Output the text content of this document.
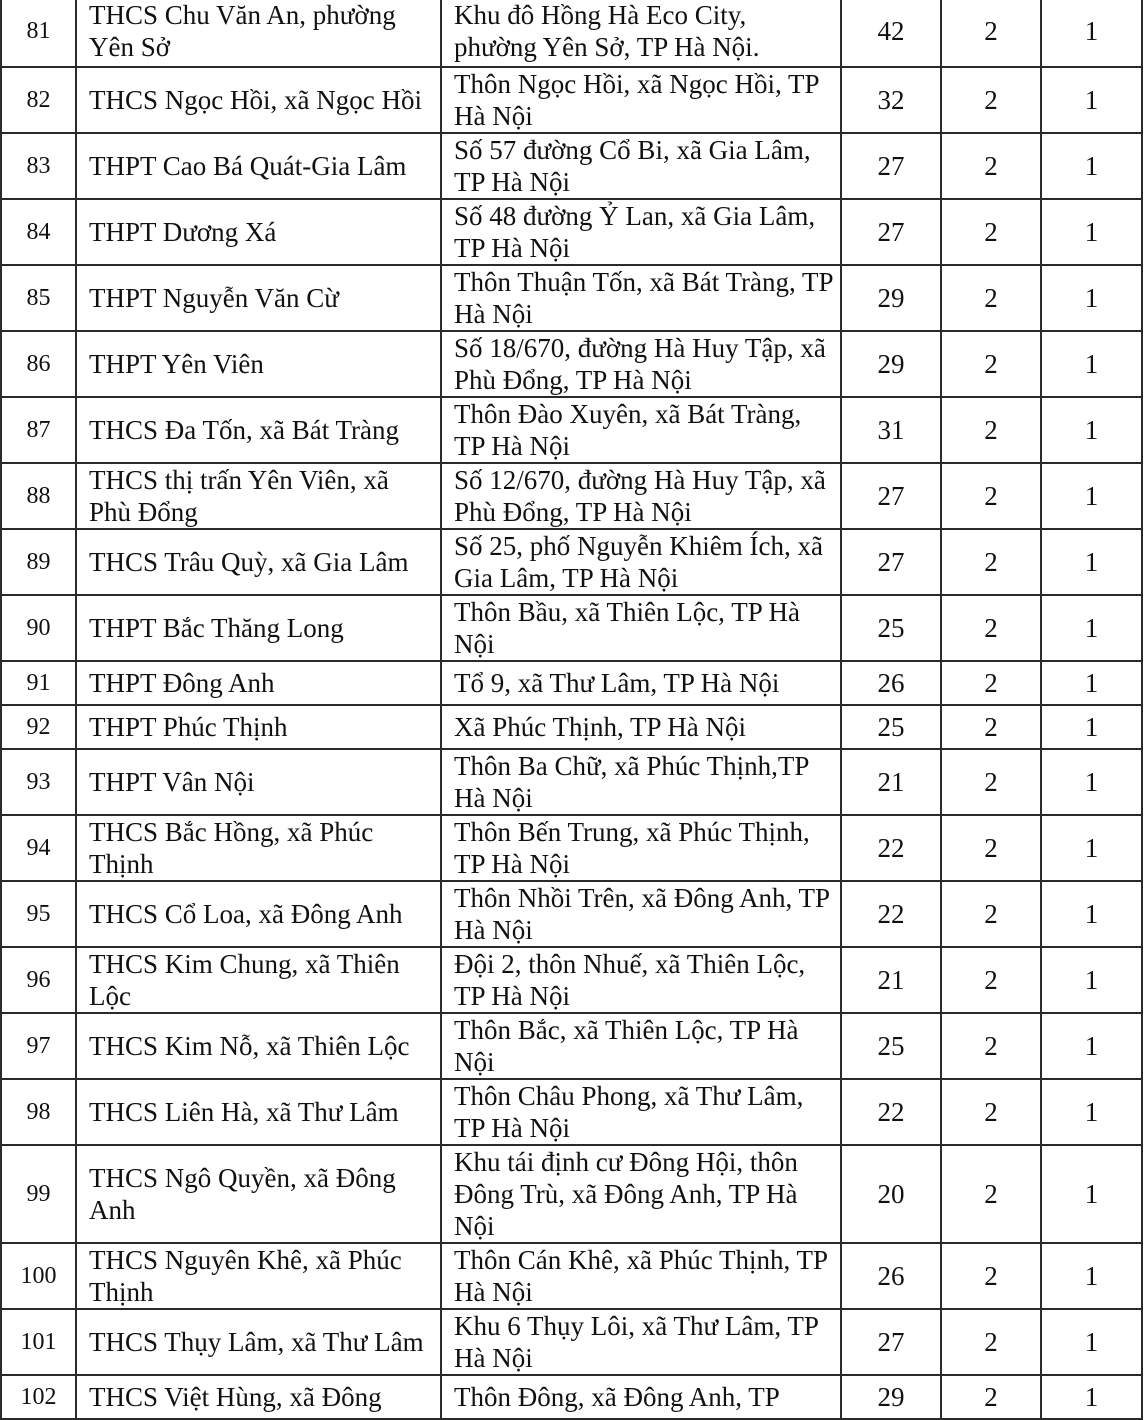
81	THCS Chu Văn An, phường Yên Sở	Khu đô Hồng Hà Eco City, phường Yên Sở, TP Hà Nội.	42	2	1
82	THCS Ngọc Hồi, xã Ngọc Hồi	Thôn Ngọc Hồi, xã Ngọc Hồi, TP Hà Nội	32	2	1
83	THPT Cao Bá Quát-Gia Lâm	Số 57 đường Cổ Bi, xã Gia Lâm, TP Hà Nội	27	2	1
84	THPT Dương Xá	Số 48 đường Ỷ Lan, xã Gia Lâm, TP Hà Nội	27	2	1
85	THPT Nguyễn Văn Cừ	Thôn Thuận Tốn, xã Bát Tràng, TP Hà Nội	29	2	1
86	THPT Yên Viên	Số 18/670, đường Hà Huy Tập, xã Phù Đổng, TP Hà Nội	29	2	1
87	THCS Đa Tốn, xã Bát Tràng	Thôn Đào Xuyên, xã Bát Tràng, TP Hà Nội	31	2	1
88	THCS thị trấn Yên Viên, xã Phù Đổng	Số 12/670, đường Hà Huy Tập, xã Phù Đổng, TP Hà Nội	27	2	1
89	THCS Trâu Quỳ, xã Gia Lâm	Số 25, phố Nguyễn Khiêm Ích, xã Gia Lâm, TP Hà Nội	27	2	1
90	THPT Bắc Thăng Long	Thôn Bầu, xã Thiên Lộc, TP Hà Nội	25	2	1
91	THPT Đông Anh	Tổ 9, xã Thư Lâm, TP Hà Nội	26	2	1
92	THPT Phúc Thịnh	Xã Phúc Thịnh, TP Hà Nội	25	2	1
93	THPT Vân Nội	Thôn Ba Chữ, xã Phúc Thịnh,TP Hà Nội	21	2	1
94	THCS Bắc Hồng, xã Phúc Thịnh	Thôn Bến Trung, xã Phúc Thịnh, TP Hà Nội	22	2	1
95	THCS Cổ Loa, xã Đông Anh	Thôn Nhồi Trên, xã Đông Anh, TP Hà Nội	22	2	1
96	THCS Kim Chung, xã Thiên Lộc	Đội 2, thôn Nhuế, xã Thiên Lộc, TP Hà Nội	21	2	1
97	THCS Kim Nỗ, xã Thiên Lộc	Thôn Bắc, xã Thiên Lộc, TP Hà Nội	25	2	1
98	THCS Liên Hà, xã Thư Lâm	Thôn Châu Phong, xã Thư Lâm, TP Hà Nội	22	2	1
99	THCS Ngô Quyền, xã Đông Anh	Khu tái định cư Đông Hội, thôn Đông Trù, xã Đông Anh, TP Hà Nội	20	2	1
100	THCS Nguyên Khê, xã Phúc Thịnh	Thôn Cán Khê, xã Phúc Thịnh, TP Hà Nội	26	2	1
101	THCS Thụy Lâm, xã Thư Lâm	Khu 6 Thụy Lôi, xã Thư Lâm, TP Hà Nội	27	2	1
102	THCS Việt Hùng, xã Đông	Thôn Đông, xã Đông Anh, TP	29	2	1
